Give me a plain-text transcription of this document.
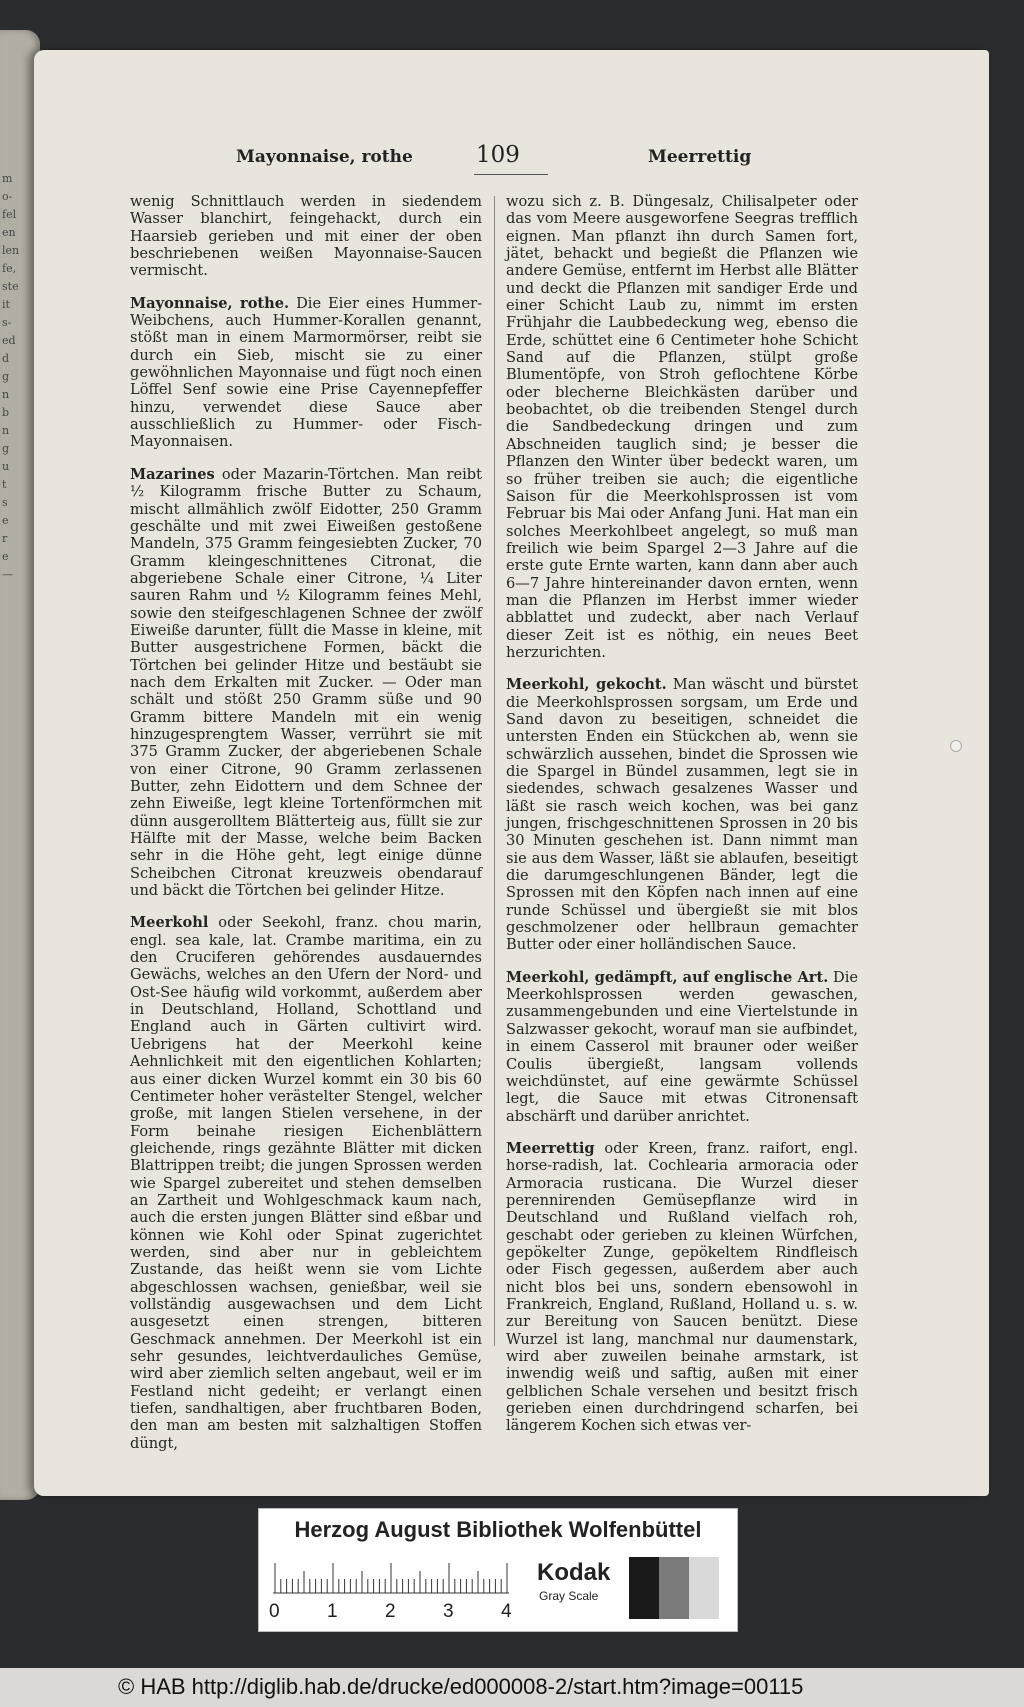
m
o-
fel
en
len
fe,
ste
it
s-
ed
d
g
n
b
n
g
u
t
s
e
r
e
—
Mayonnaise, rothe	109	Meerrettig

wenig Schnittlauch werden in siedendem Wasser blanchirt, feingehackt, durch ein Haarsieb gerieben und mit einer der oben beschriebenen weißen Mayonnaise-Saucen vermischt.

Mayonnaise, rothe. Die Eier eines Hummer-Weibchens, auch Hummer-Korallen genannt, stößt man in einem Marmormörser, reibt sie durch ein Sieb, mischt sie zu einer gewöhnlichen Mayonnaise und fügt noch einen Löffel Senf sowie eine Prise Cayennepfeffer hinzu, verwendet diese Sauce aber ausschließlich zu Hummer- oder Fisch-Mayonnaisen.

Mazarines oder Mazarin-Törtchen. Man reibt ½ Kilogramm frische Butter zu Schaum, mischt allmählich zwölf Eidotter, 250 Gramm geschälte und mit zwei Eiweißen gestoßene Mandeln, 375 Gramm feingesiebten Zucker, 70 Gramm kleingeschnittenes Citronat, die abgeriebene Schale einer Citrone, ¼ Liter sauren Rahm und ½ Kilogramm feines Mehl, sowie den steifgeschlagenen Schnee der zwölf Eiweiße darunter, füllt die Masse in kleine, mit Butter ausgestrichene Formen, bäckt die Törtchen bei gelinder Hitze und bestäubt sie nach dem Erkalten mit Zucker. — Oder man schält und stößt 250 Gramm süße und 90 Gramm bittere Mandeln mit ein wenig hinzugesprengtem Wasser, verrührt sie mit 375 Gramm Zucker, der abgeriebenen Schale von einer Citrone, 90 Gramm zerlassenen Butter, zehn Eidottern und dem Schnee der zehn Eiweiße, legt kleine Tortenförmchen mit dünn ausgerolltem Blätterteig aus, füllt sie zur Hälfte mit der Masse, welche beim Backen sehr in die Höhe geht, legt einige dünne Scheibchen Citronat kreuzweis obendarauf und bäckt die Törtchen bei gelinder Hitze.

Meerkohl oder Seekohl, franz. chou marin, engl. sea kale, lat. Crambe maritima, ein zu den Cruciferen gehörendes ausdauerndes Gewächs, welches an den Ufern der Nord- und Ost-See häufig wild vorkommt, außerdem aber in Deutschland, Holland, Schottland und England auch in Gärten cultivirt wird. Uebrigens hat der Meerkohl keine Aehnlichkeit mit den eigentlichen Kohlarten; aus einer dicken Wurzel kommt ein 30 bis 60 Centimeter hoher verästelter Stengel, welcher große, mit langen Stielen versehene, in der Form beinahe riesigen Eichenblättern gleichende, rings gezähnte Blätter mit dicken Blattrippen treibt; die jungen Sprossen werden wie Spargel zubereitet und stehen demselben an Zartheit und Wohlgeschmack kaum nach, auch die ersten jungen Blätter sind eßbar und können wie Kohl oder Spinat zugerichtet werden, sind aber nur in gebleichtem Zustande, das heißt wenn sie vom Lichte abgeschlossen wachsen, genießbar, weil sie vollständig ausgewachsen und dem Licht ausgesetzt einen strengen, bitteren Geschmack annehmen. Der Meerkohl ist ein sehr gesundes, leichtverdauliches Gemüse, wird aber ziemlich selten angebaut, weil er im Festland nicht gedeiht; er verlangt einen tiefen, sandhaltigen, aber fruchtbaren Boden, den man am besten mit salzhaltigen Stoffen düngt,

wozu sich z. B. Düngesalz, Chilisalpeter oder das vom Meere ausgeworfene Seegras trefflich eignen. Man pflanzt ihn durch Samen fort, jätet, behackt und begießt die Pflanzen wie andere Gemüse, entfernt im Herbst alle Blätter und deckt die Pflanzen mit sandiger Erde und einer Schicht Laub zu, nimmt im ersten Frühjahr die Laubbedeckung weg, ebenso die Erde, schüttet eine 6 Centimeter hohe Schicht Sand auf die Pflanzen, stülpt große Blumentöpfe, von Stroh geflochtene Körbe oder blecherne Bleichkästen darüber und beobachtet, ob die treibenden Stengel durch die Sandbedeckung dringen und zum Abschneiden tauglich sind; je besser die Pflanzen den Winter über bedeckt waren, um so früher treiben sie auch; die eigentliche Saison für die Meerkohlsprossen ist vom Februar bis Mai oder Anfang Juni. Hat man ein solches Meerkohlbeet angelegt, so muß man freilich wie beim Spargel 2—3 Jahre auf die erste gute Ernte warten, kann dann aber auch 6—7 Jahre hintereinander davon ernten, wenn man die Pflanzen im Herbst immer wieder abblattet und zudeckt, aber nach Verlauf dieser Zeit ist es nöthig, ein neues Beet herzurichten.

Meerkohl, gekocht. Man wäscht und bürstet die Meerkohlsprossen sorgsam, um Erde und Sand davon zu beseitigen, schneidet die untersten Enden ein Stückchen ab, wenn sie schwärzlich aussehen, bindet die Sprossen wie die Spargel in Bündel zusammen, legt sie in siedendes, schwach gesalzenes Wasser und läßt sie rasch weich kochen, was bei ganz jungen, frischgeschnittenen Sprossen in 20 bis 30 Minuten geschehen ist. Dann nimmt man sie aus dem Wasser, läßt sie ablaufen, beseitigt die darumgeschlungenen Bänder, legt die Sprossen mit den Köpfen nach innen auf eine runde Schüssel und übergießt sie mit blos geschmolzener oder hellbraun gemachter Butter oder einer holländischen Sauce.

Meerkohl, gedämpft, auf englische Art. Die Meerkohlsprossen werden gewaschen, zusammengebunden und eine Viertelstunde in Salzwasser gekocht, worauf man sie aufbindet, in einem Casserol mit brauner oder weißer Coulis übergießt, langsam vollends weichdünstet, auf eine gewärmte Schüssel legt, die Sauce mit etwas Citronensaft abschärft und darüber anrichtet.

Meerrettig oder Kreen, franz. raifort, engl. horse-radish, lat. Cochlearia armoracia oder Armoracia rusticana. Die Wurzel dieser perennirenden Gemüsepflanze wird in Deutschland und Rußland vielfach roh, geschabt oder gerieben zu kleinen Würfchen, gepökelter Zunge, gepökeltem Rindfleisch oder Fisch gegessen, außerdem aber auch nicht blos bei uns, sondern ebensowohl in Frankreich, England, Rußland, Holland u. s. w. zur Bereitung von Saucen benützt. Diese Wurzel ist lang, manchmal nur daumenstark, wird aber zuweilen beinahe armstark, ist inwendig weiß und saftig, außen mit einer gelblichen Schale versehen und besitzt frisch gerieben einen durchdringend scharfen, bei längerem Kochen sich etwas ver-

Herzog August Bibliothek Wolfenbüttel
0 1 2 3 4
Kodak
Gray Scale
© HAB http://diglib.hab.de/drucke/ed000008-2/start.htm?image=00115
